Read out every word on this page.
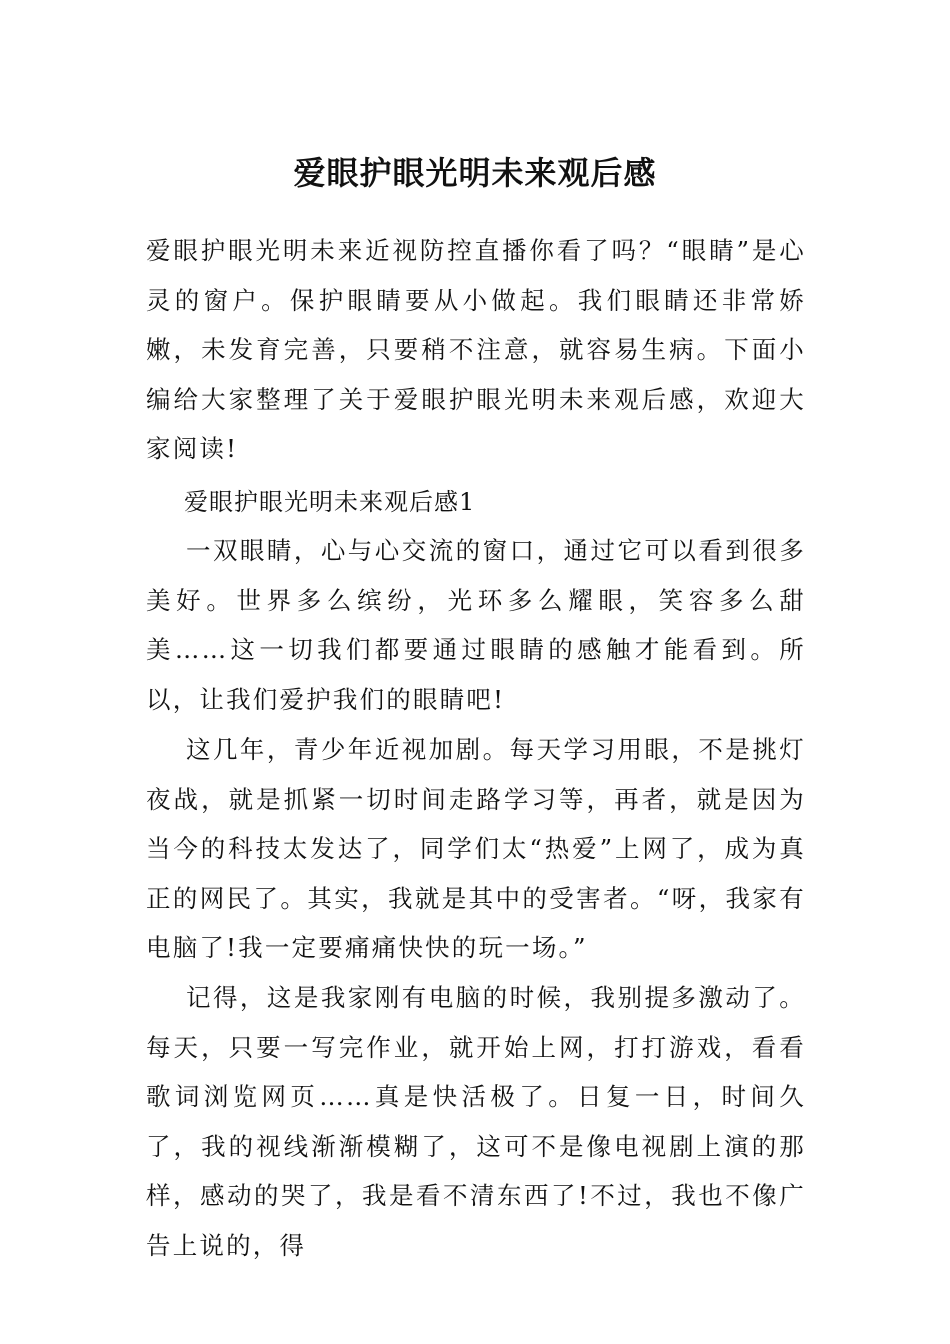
爱眼护眼光明未来观后感

爱眼护眼光明未来近视防控直播你看了吗？“眼睛”是心灵的窗户。保护眼睛要从小做起。我们眼睛还非常娇嫩，未发育完善，只要稍不注意，就容易生病。下面小编给大家整理了关于爱眼护眼光明未来观后感，欢迎大家阅读!

爱眼护眼光明未来观后感1

一双眼睛，心与心交流的窗口，通过它可以看到很多美好。世界多么缤纷，光环多么耀眼，笑容多么甜美……这一切我们都要通过眼睛的感触才能看到。所以，让我们爱护我们的眼睛吧!

这几年，青少年近视加剧。每天学习用眼，不是挑灯夜战，就是抓紧一切时间走路学习等，再者，就是因为当今的科技太发达了，同学们太“热爱”上网了，成为真正的网民了。其实，我就是其中的受害者。“呀，我家有电脑了!我一定要痛痛快快的玩一场。”

记得，这是我家刚有电脑的时候，我别提多激动了。每天，只要一写完作业，就开始上网，打打游戏，看看歌词浏览网页……真是快活极了。日复一日，时间久了，我的视线渐渐模糊了，这可不是像电视剧上演的那样，感动的哭了，我是看不清东西了!不过，我也不像广告上说的，得
